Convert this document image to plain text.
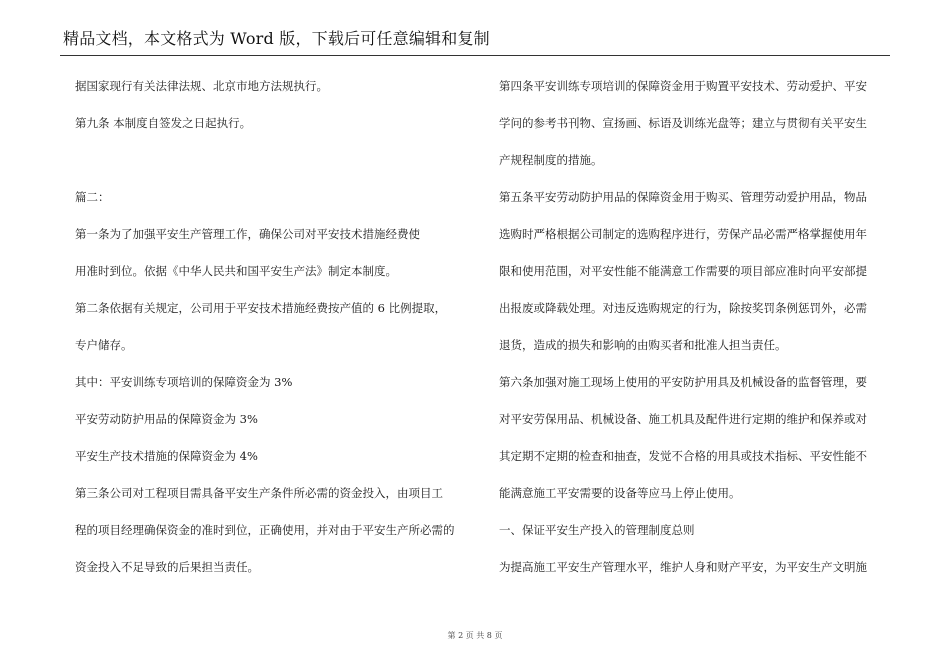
精品文档，本文格式为 Word 版，下载后可任意编辑和复制
据国家现行有关法律法规、北京市地方法规执行。
第九条 本制度自签发之日起执行。
篇二：
第一条为了加强平安生产管理工作，确保公司对平安技术措施经费使
用准时到位。依据《中华人民共和国平安生产法》制定本制度。
第二条依据有关规定，公司用于平安技术措施经费按产值的 6 比例提取，
专户储存。
其中：平安训练专项培训的保障资金为 3%
平安劳动防护用品的保障资金为 3%
平安生产技术措施的保障资金为 4%
第三条公司对工程项目需具备平安生产条件所必需的资金投入，由项目工
程的项目经理确保资金的准时到位，正确使用，并对由于平安生产所必需的
资金投入不足导致的后果担当责任。
第四条平安训练专项培训的保障资金用于购置平安技术、劳动爱护、平安
学问的参考书刊物、宣扬画、标语及训练光盘等；建立与贯彻有关平安生
产规程制度的措施。
第五条平安劳动防护用品的保障资金用于购买、管理劳动爱护用品，物品
选购时严格根据公司制定的选购程序进行，劳保产品必需严格掌握使用年
限和使用范围，对平安性能不能满意工作需要的项目部应准时向平安部提
出报废或降载处理。对违反选购规定的行为，除按奖罚条例惩罚外，必需
退货，造成的损失和影响的由购买者和批准人担当责任。
第六条加强对施工现场上使用的平安防护用具及机械设备的监督管理，要
对平安劳保用品、机械设备、施工机具及配件进行定期的维护和保养或对
其定期不定期的检查和抽查，发觉不合格的用具或技术指标、平安性能不
能满意施工平安需要的设备等应马上停止使用。
一、保证平安生产投入的管理制度总则
为提高施工平安生产管理水平，维护人身和财产平安，为平安生产文明施
第 2 页 共 8 页
